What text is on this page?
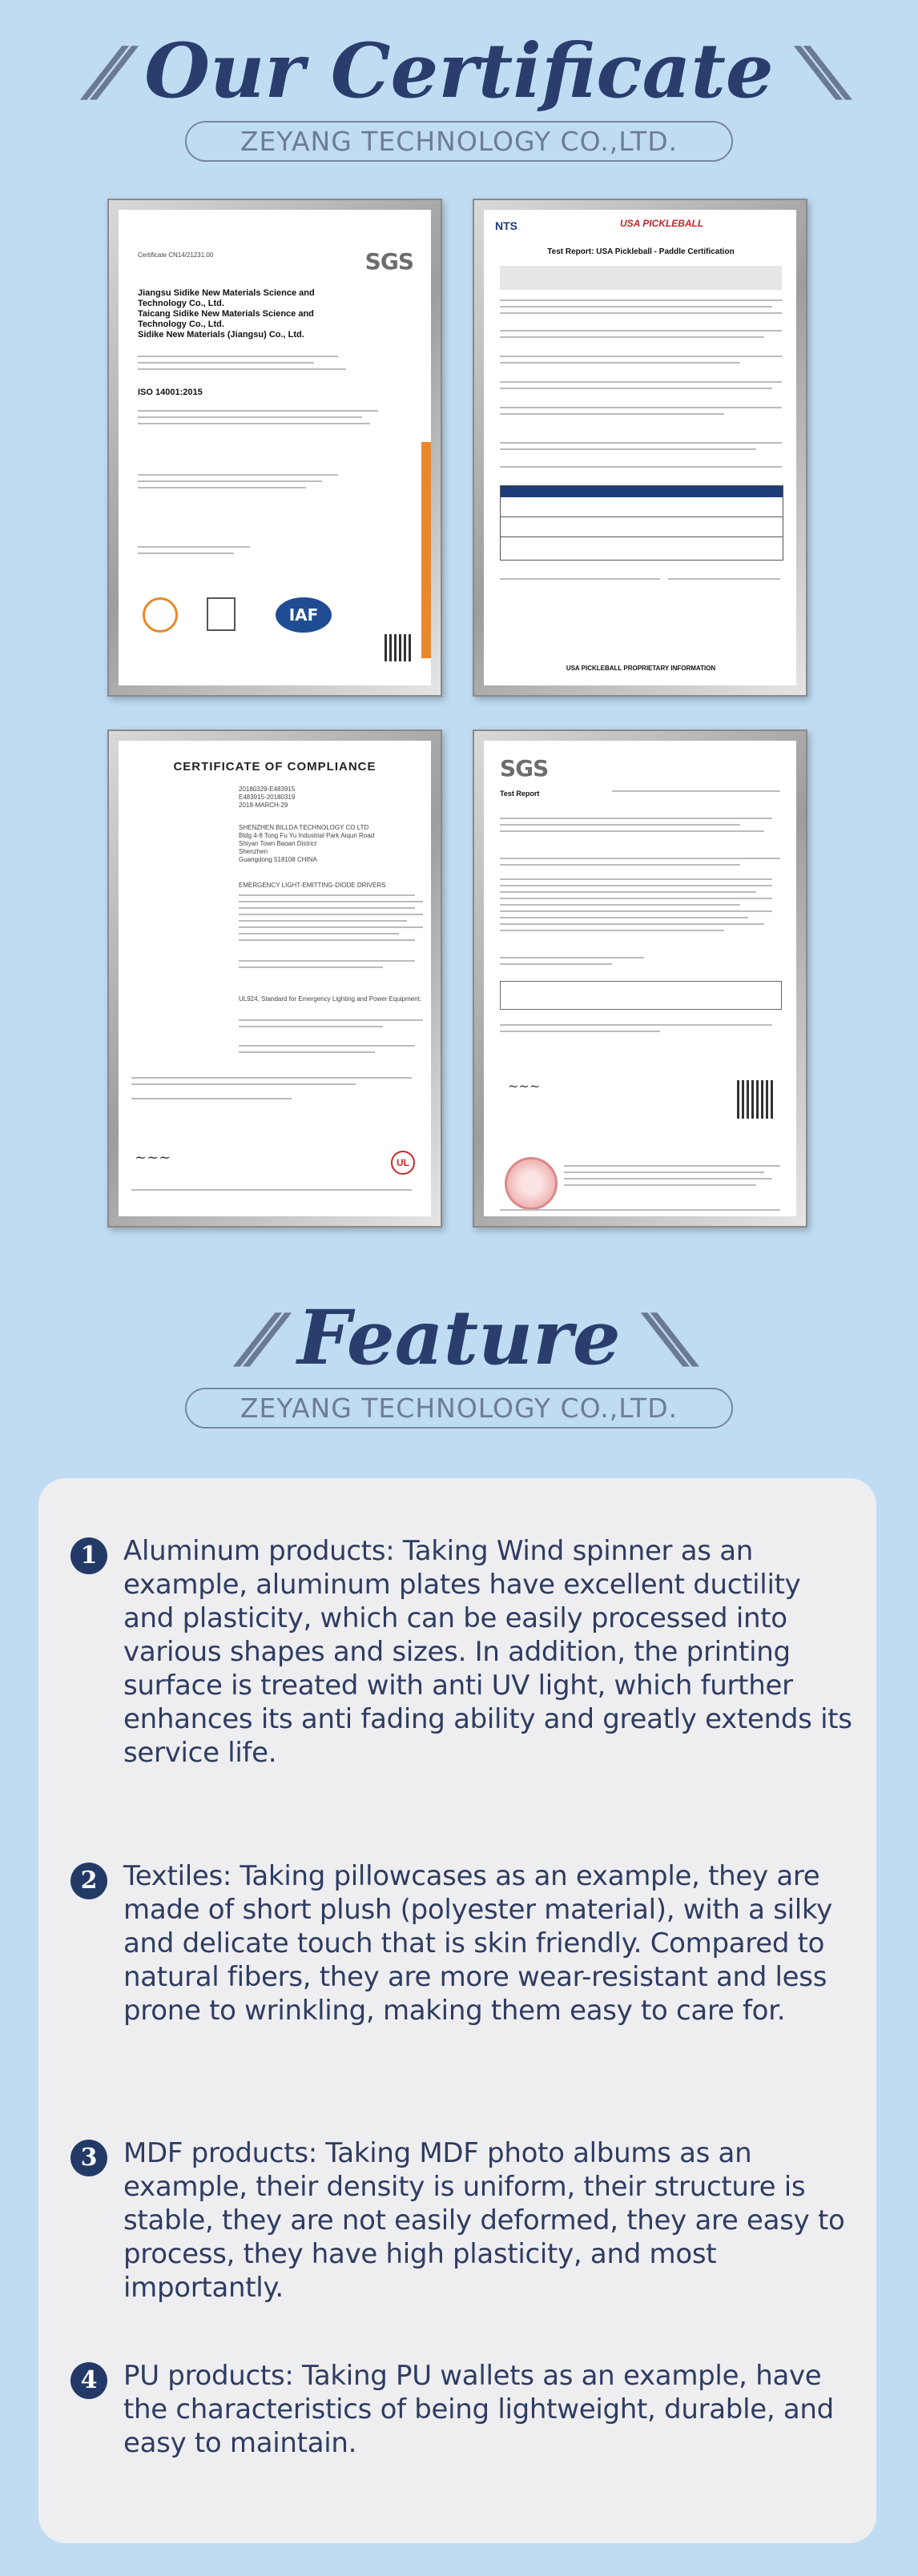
// Our Certificate \\
ZEYANG TECHNOLOGY CO.,LTD.
SGS
Certificate CN14/21231.00
Jiangsu Sidike New Materials Science and
Technology Co., Ltd.
Taicang Sidike New Materials Science and
Technology Co., Ltd.
Sidike New Materials (Jiangsu) Co., Ltd.
ISO 14001:2015
IAF
NTS	USA PICKLEBALL
Test Report: USA Pickleball - Paddle Certification
USA PICKLEBALL PROPRIETARY INFORMATION
CERTIFICATE OF COMPLIANCE
20180329-E483915
E483915-20180319
2018-MARCH-29
SHENZHEN BILLDA TECHNOLOGY CO LTD
Bldg 4-8 Tong Fu Yu Industrial Park Aiqun Road
Shiyan Town Baoan District
Shenzhen
Guangdong 518108 CHINA
EMERGENCY LIGHT-EMITTING-DIODE DRIVERS
UL924, Standard for Emergency Lighting and Power Equipment.
~~~	UL
SGS
Test Report
~~~
// Feature \\
ZEYANG TECHNOLOGY CO.,LTD.
1 Aluminum products: Taking Wind spinner as an example, aluminum plates have excellent ductility and plasticity, which can be easily processed into various shapes and sizes. In addition, the printing surface is treated with anti UV light, which further enhances its anti fading ability and greatly extends its service life.
2 Textiles: Taking pillowcases as an example, they are made of short plush (polyester material), with a silky and delicate touch that is skin friendly. Compared to natural fibers, they are more wear-resistant and less prone to wrinkling, making them easy to care for.
3 MDF products: Taking MDF photo albums as an example, their density is uniform, their structure is stable, they are not easily deformed, they are easy to process, they have high plasticity, and most importantly.
4 PU products: Taking PU wallets as an example, have the characteristics of being lightweight, durable, and easy to maintain.
